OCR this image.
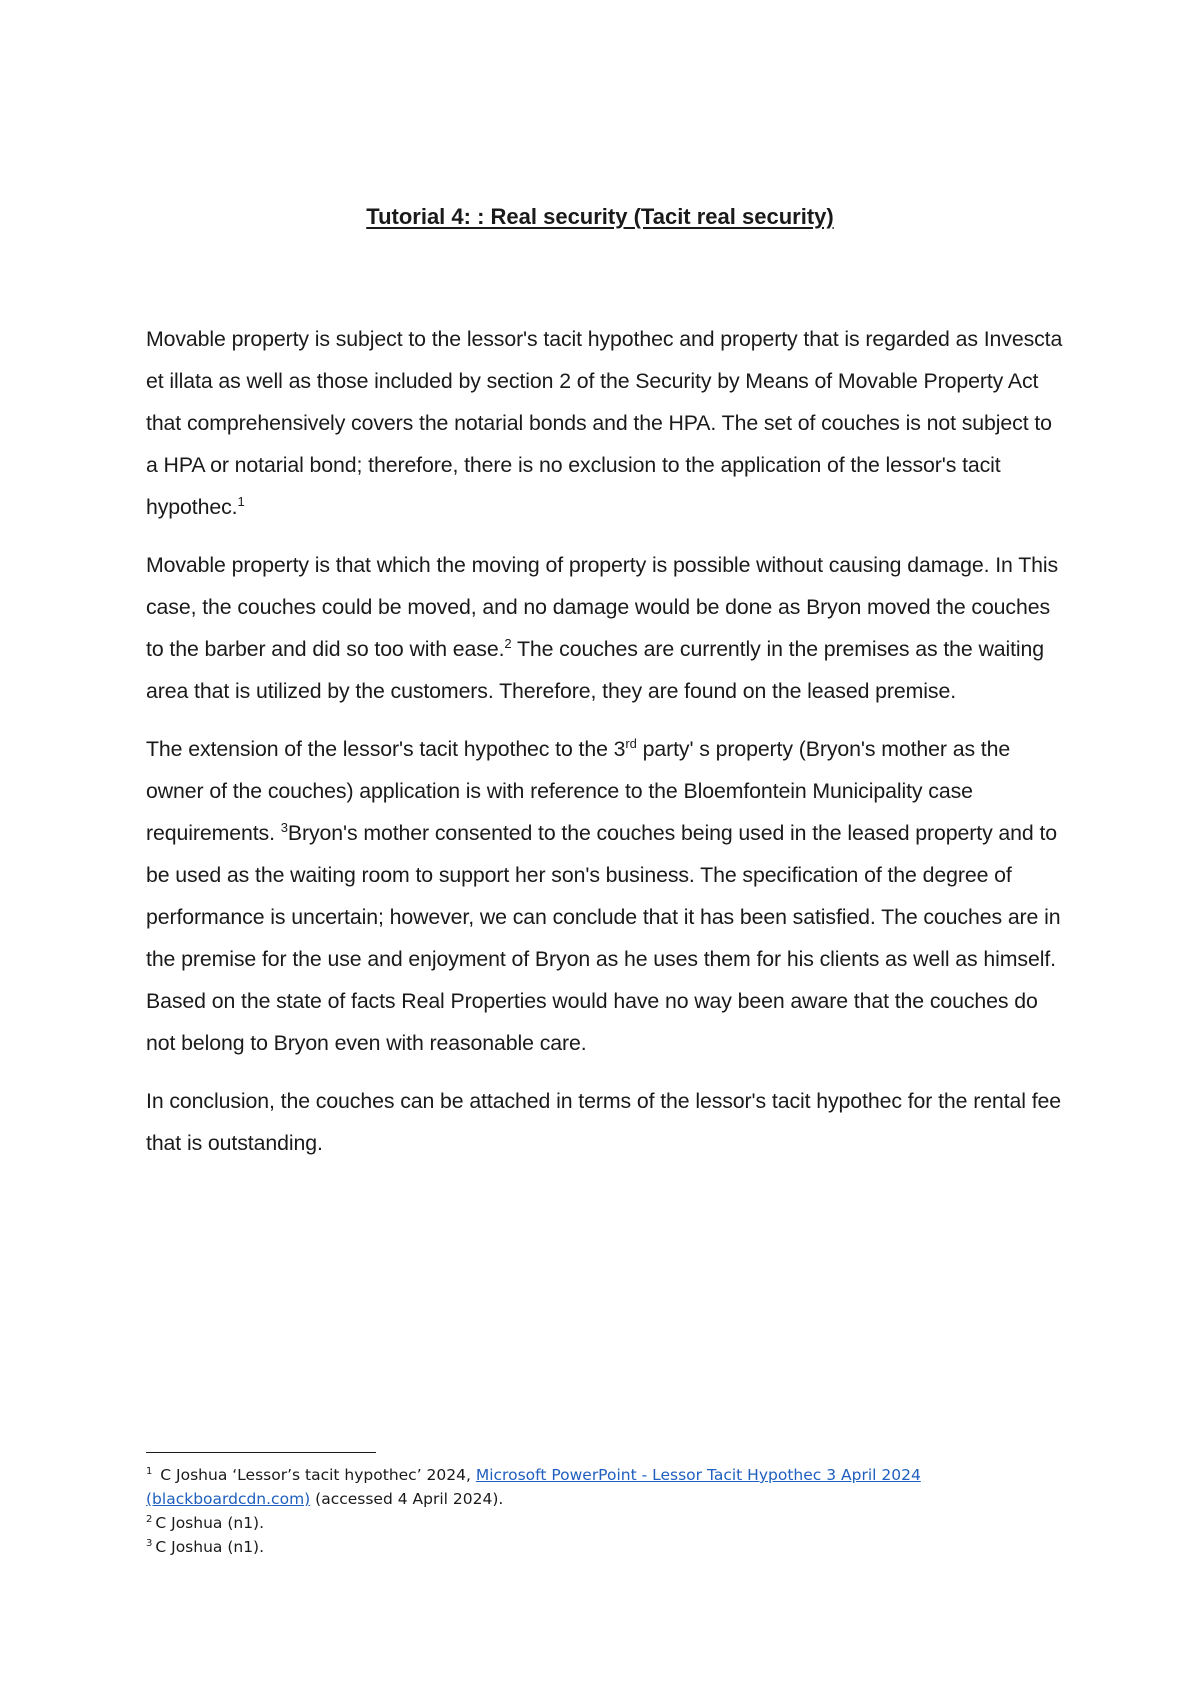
Tutorial 4: : Real security (Tacit real security)

Movable property is subject to the lessor's tacit hypothec and property that is regarded as Invescta et illata as well as those included by section 2 of the Security by Means of Movable Property Act that comprehensively covers the notarial bonds and the HPA. The set of couches is not subject to a HPA or notarial bond; therefore, there is no exclusion to the application of the lessor's tacit hypothec.$^1$

Movable property is that which the moving of property is possible without causing damage. In This case, the couches could be moved, and no damage would be done as Bryon moved the couches to the barber and did so too with ease.$^2$ The couches are currently in the premises as the waiting area that is utilized by the customers. Therefore, they are found on the leased premise.

The extension of the lessor's tacit hypothec to the 3rd party' s property (Bryon's mother as the owner of the couches) application is with reference to the Bloemfontein Municipality case requirements. $^3$Bryon's mother consented to the couches being used in the leased property and to be used as the waiting room to support her son's business. The specification of the degree of performance is uncertain; however, we can conclude that it has been satisfied. The couches are in the premise for the use and enjoyment of Bryon as he uses them for his clients as well as himself. Based on the state of facts Real Properties would have no way been aware that the couches do not belong to Bryon even with reasonable care.

In conclusion, the couches can be attached in terms of the lessor's tacit hypothec for the rental fee that is outstanding.

$^1$ C Joshua ‘Lessor’s tacit hypothec’ 2024, Microsoft PowerPoint - Lessor Tacit Hypothec 3 April 2024 (blackboardcdn.com) (accessed 4 April 2024).

$^2$ C Joshua (n1).

$^3$ C Joshua (n1).
